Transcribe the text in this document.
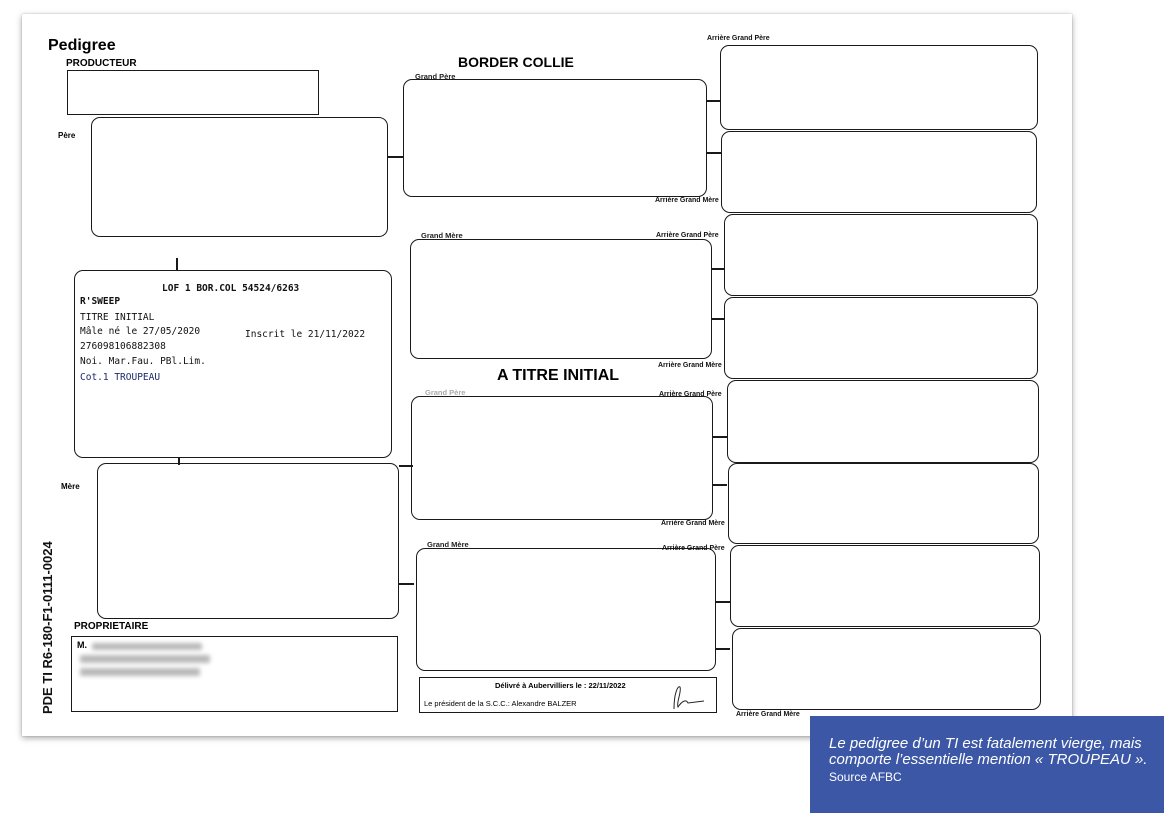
Pedigree
PRODUCTEUR	BORDER COLLIE
Père
LOF 1 BOR.COL 54524/6263
R'SWEEP
TITRE INITIAL
Mâle né le 27/05/2020	Inscrit le 21/11/2022
276098106882308
Noi. Mar.Fau. PBl.Lim.
Cot.1 TROUPEAU
Mère
PROPRIETAIRE
M.
PDE TI R6-180-F1-0111-0024
Grand Père
Grand Mère
A TITRE INITIAL
Grand Père
Grand Mère
Arrière Grand Père
Arrière Grand Mère
Arrière Grand Père
Arrière Grand Mère
Arrière Grand Père
Arrière Grand Mère
Arrière Grand Père
Arrière Grand Mère
Délivré à Aubervilliers le : 22/11/2022
Le président de la S.C.C.: Alexandre BALZER
Le pedigree d’un TI est fatalement vierge, mais comporte l’essentielle mention « TROUPEAU ».
Source AFBC
